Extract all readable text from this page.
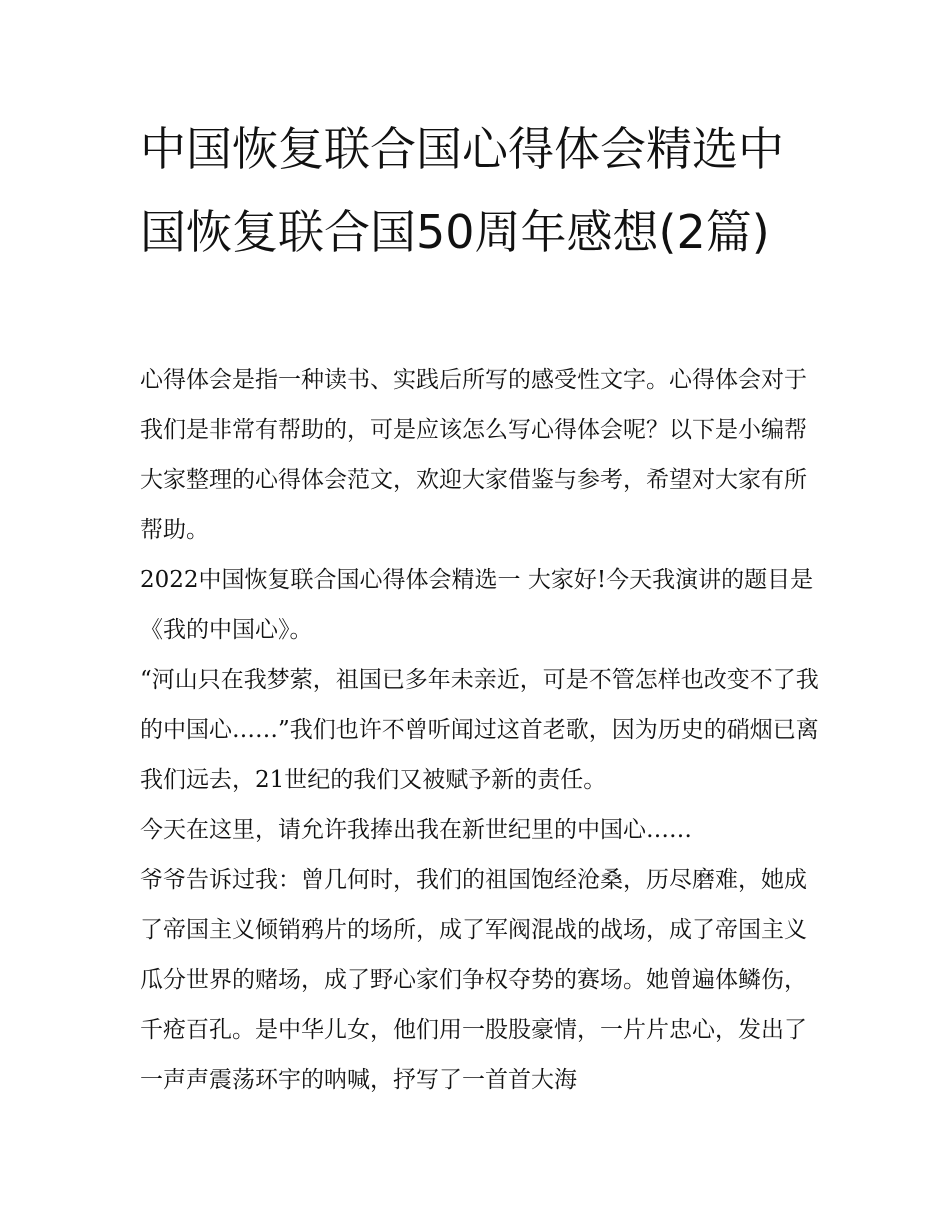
中国恢复联合国心得体会精选中国恢复联合国50周年感想(2篇)

心得体会是指一种读书、实践后所写的感受性文字。心得体会对于我们是非常有帮助的，可是应该怎么写心得体会呢？以下是小编帮大家整理的心得体会范文，欢迎大家借鉴与参考，希望对大家有所帮助。

2022中国恢复联合国心得体会精选一 大家好!今天我演讲的题目是《我的中国心》。

“河山只在我梦萦，祖国已多年未亲近，可是不管怎样也改变不了我的中国心……”我们也许不曾听闻过这首老歌，因为历史的硝烟已离我们远去，21世纪的我们又被赋予新的责任。

今天在这里，请允许我捧出我在新世纪里的中国心……

爷爷告诉过我：曾几何时，我们的祖国饱经沧桑，历尽磨难，她成了帝国主义倾销鸦片的场所，成了军阀混战的战场，成了帝国主义瓜分世界的赌场，成了野心家们争权夺势的赛场。她曾遍体鳞伤，千疮百孔。是中华儿女，他们用一股股豪情，一片片忠心，发出了一声声震荡环宇的呐喊，抒写了一首首大海
